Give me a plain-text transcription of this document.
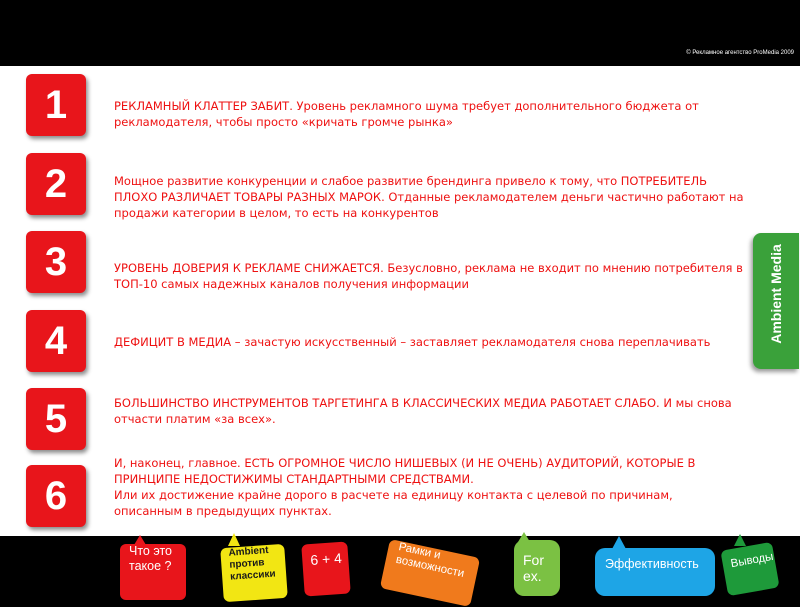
© Рекламное агентство ProMedia 2009
1	РЕКЛАМНЫЙ КЛАТТЕР ЗАБИТ. Уровень рекламного шума требует дополнительного бюджета от рекламодателя, чтобы просто «кричать громче рынка»
2	Мощное развитие конкуренции и слабое развитие брендинга привело к тому, что ПОТРЕБИТЕЛЬ ПЛОХО РАЗЛИЧАЕТ ТОВАРЫ РАЗНЫХ МАРОК. Отданные рекламодателем деньги частично работают на продажи категории в целом, то есть на конкурентов
3	УРОВЕНЬ ДОВЕРИЯ К РЕКЛАМЕ СНИЖАЕТСЯ. Безусловно, реклама не входит по мнению потребителя в ТОП-10 самых надежных каналов получения информации
4	ДЕФИЦИТ В МЕДИА – зачастую искусственный – заставляет рекламодателя снова переплачивать
5	БОЛЬШИНСТВО ИНСТРУМЕНТОВ ТАРГЕТИНГА В КЛАССИЧЕСКИХ МЕДИА РАБОТАЕТ СЛАБО. И мы снова отчасти платим «за всех».
6
И, наконец, главное. ЕСТЬ ОГРОМНОЕ ЧИСЛО НИШЕВЫХ (И НЕ ОЧЕНЬ) АУДИТОРИЙ, КОТОРЫЕ В ПРИНЦИПЕ НЕДОСТИЖИМЫ СТАНДАРТНЫМИ СРЕДСТВАМИ.
Или их достижение крайне дорого в расчете на единицу контакта с целевой по причинам, описанным в предыдущих пунктах.
Ambient Media
Что это такое ?
Ambient против классики
6 + 4	Рамки и возможности	For ex.
Эффективность	Выводы
